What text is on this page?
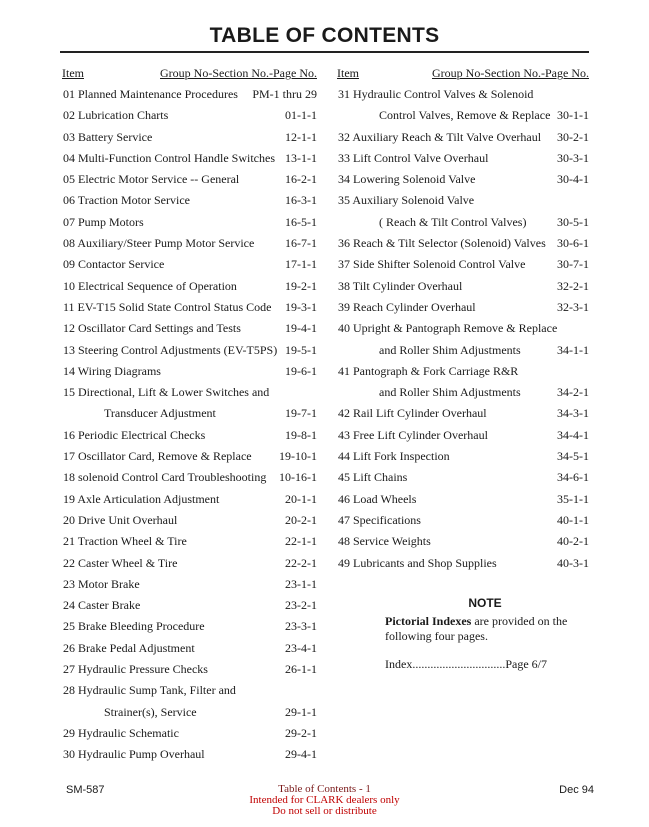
TABLE OF CONTENTS
Item	Group No-Section No.-Page No.
01 Planned Maintenance Procedures PM-1 thru 29
02 Lubrication Charts	01-1-1
03 Battery Service	12-1-1
04 Multi-Function Control Handle Switches 13-1-1
05 Electric Motor Service -- General	16-2-1
06 Traction Motor Service	16-3-1
07 Pump Motors	16-5-1
08 Auxiliary/Steer Pump Motor Service	16-7-1
09 Contactor Service	17-1-1
10 Electrical Sequence of Operation	19-2-1
11 EV-T15 Solid State Control Status Code 19-3-1
12 Oscillator Card Settings and Tests	19-4-1
13 Steering Control Adjustments (EV-T5PS) 19-5-1
14 Wiring Diagrams	19-6-1
15 Directional, Lift & Lower Switches and
Transducer Adjustment	19-7-1
16 Periodic Electrical Checks	19-8-1
17 Oscillator Card, Remove & Replace 19-10-1
18 solenoid Control Card Troubleshooting 10-16-1
19 Axle Articulation Adjustment	20-1-1
20 Drive Unit Overhaul	20-2-1
21 Traction Wheel & Tire	22-1-1
22 Caster Wheel & Tire	22-2-1
23 Motor Brake	23-1-1
24 Caster Brake	23-2-1
25 Brake Bleeding Procedure	23-3-1
26 Brake Pedal Adjustment	23-4-1
27 Hydraulic Pressure Checks	26-1-1
28 Hydraulic Sump Tank, Filter and
Strainer(s), Service	29-1-1
29 Hydraulic Schematic	29-2-1
30 Hydraulic Pump Overhaul	29-4-1
Item	Group No-Section No.-Page No.
31 Hydraulic Control Valves & Solenoid
Control Valves, Remove & Replace 30-1-1
32 Auxiliary Reach & Tilt Valve Overhaul 30-2-1
33 Lift Control Valve Overhaul	30-3-1
34 Lowering Solenoid Valve	30-4-1
35 Auxiliary Solenoid Valve
( Reach & Tilt Control Valves)	30-5-1
36 Reach & Tilt Selector (Solenoid) Valves 30-6-1
37 Side Shifter Solenoid Control Valve	30-7-1
38 Tilt Cylinder Overhaul	32-2-1
39 Reach Cylinder Overhaul	32-3-1
40 Upright & Pantograph Remove & Replace
and Roller Shim Adjustments	34-1-1
41 Pantograph & Fork Carriage R&R
and Roller Shim Adjustments	34-2-1
42 Rail Lift Cylinder Overhaul	34-3-1
43 Free Lift Cylinder Overhaul	34-4-1
44 Lift Fork Inspection	34-5-1
45 Lift Chains	34-6-1
46 Load Wheels	35-1-1
47 Specifications	40-1-1
48 Service Weights	40-2-1
49 Lubricants and Shop Supplies	40-3-1
NOTE
Pictorial Indexes are provided on the following four pages.
Index...............................Page 6/7
SM-587	Table of Contents - 1
Intended for CLARK dealers only
Do not sell or distribute
Dec 94
